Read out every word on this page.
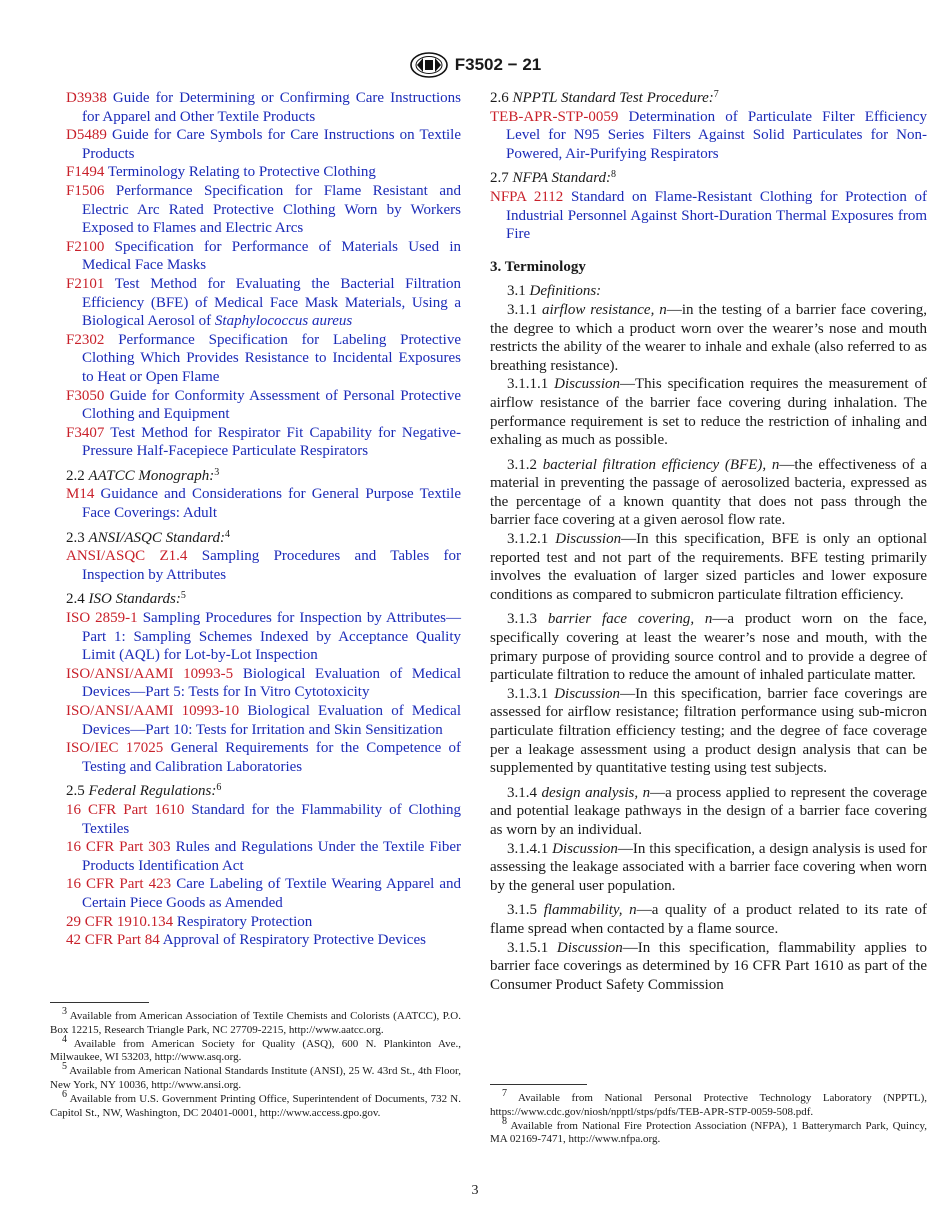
F3502 − 21

D3938 Guide for Determining or Confirming Care Instructions for Apparel and Other Textile Products

D5489 Guide for Care Symbols for Care Instructions on Textile Products

F1494 Terminology Relating to Protective Clothing

F1506 Performance Specification for Flame Resistant and Electric Arc Rated Protective Clothing Worn by Workers Exposed to Flames and Electric Arcs

F2100 Specification for Performance of Materials Used in Medical Face Masks

F2101 Test Method for Evaluating the Bacterial Filtration Efficiency (BFE) of Medical Face Mask Materials, Using a Biological Aerosol of Staphylococcus aureus

F2302 Performance Specification for Labeling Protective Clothing Which Provides Resistance to Incidental Exposures to Heat or Open Flame

F3050 Guide for Conformity Assessment of Personal Protective Clothing and Equipment

F3407 Test Method for Respirator Fit Capability for Negative-Pressure Half-Facepiece Particulate Respirators

2.2 AATCC Monograph:$^3$

M14 Guidance and Considerations for General Purpose Textile Face Coverings: Adult

2.3 ANSI/ASQC Standard:$^4$

ANSI/ASQC Z1.4 Sampling Procedures and Tables for Inspection by Attributes

2.4 ISO Standards:$^5$

ISO 2859-1 Sampling Procedures for Inspection by Attributes—Part 1: Sampling Schemes Indexed by Acceptance Quality Limit (AQL) for Lot-by-Lot Inspection

ISO/ANSI/AAMI 10993-5 Biological Evaluation of Medical Devices—Part 5: Tests for In Vitro Cytotoxicity

ISO/ANSI/AAMI 10993-10 Biological Evaluation of Medical Devices—Part 10: Tests for Irritation and Skin Sensitization

ISO/IEC 17025 General Requirements for the Competence of Testing and Calibration Laboratories

2.5 Federal Regulations:$^6$

16 CFR Part 1610 Standard for the Flammability of Clothing Textiles

16 CFR Part 303 Rules and Regulations Under the Textile Fiber Products Identification Act

16 CFR Part 423 Care Labeling of Textile Wearing Apparel and Certain Piece Goods as Amended

29 CFR 1910.134 Respiratory Protection

42 CFR Part 84 Approval of Respiratory Protective Devices

2.6 NPPTL Standard Test Procedure:$^7$

TEB-APR-STP-0059 Determination of Particulate Filter Efficiency Level for N95 Series Filters Against Solid Particulates for Non-Powered, Air-Purifying Respirators

2.7 NFPA Standard:$^8$

NFPA 2112 Standard on Flame-Resistant Clothing for Protection of Industrial Personnel Against Short-Duration Thermal Exposures from Fire

3. Terminology

3.1 Definitions:

3.1.1 airflow resistance, n—in the testing of a barrier face covering, the degree to which a product worn over the wearer’s nose and mouth restricts the ability of the wearer to inhale and exhale (also referred to as breathing resistance).

3.1.1.1 Discussion—This specification requires the measurement of airflow resistance of the barrier face covering during inhalation. The performance requirement is set to reduce the restriction of inhaling and exhaling as much as possible.

3.1.2 bacterial filtration efficiency (BFE), n—the effectiveness of a material in preventing the passage of aerosolized bacteria, expressed as the percentage of a known quantity that does not pass through the barrier face covering at a given aerosol flow rate.

3.1.2.1 Discussion—In this specification, BFE is only an optional reported test and not part of the requirements. BFE testing primarily involves the evaluation of larger sized particles and lower exposure conditions as compared to submicron particulate filtration efficiency.

3.1.3 barrier face covering, n—a product worn on the face, specifically covering at least the wearer’s nose and mouth, with the primary purpose of providing source control and to provide a degree of particulate filtration to reduce the amount of inhaled particulate matter.

3.1.3.1 Discussion—In this specification, barrier face coverings are assessed for airflow resistance; filtration performance using sub-micron particulate filtration efficiency testing; and the degree of face coverage per a leakage assessment using a product design analysis that can be supplemented by quantitative testing using test subjects.

3.1.4 design analysis, n—a process applied to represent the coverage and potential leakage pathways in the design of a barrier face covering as worn by an individual.

3.1.4.1 Discussion—In this specification, a design analysis is used for assessing the leakage associated with a barrier face covering when worn by the general user population.

3.1.5 flammability, n—a quality of a product related to its rate of flame spread when contacted by a flame source.

3.1.5.1 Discussion—In this specification, flammability applies to barrier face coverings as determined by 16 CFR Part 1610 as part of the Consumer Product Safety Commission

$^3$ Available from American Association of Textile Chemists and Colorists (AATCC), P.O. Box 12215, Research Triangle Park, NC 27709-2215, http://www.aatcc.org.

$^4$ Available from American Society for Quality (ASQ), 600 N. Plankinton Ave., Milwaukee, WI 53203, http://www.asq.org.

$^5$ Available from American National Standards Institute (ANSI), 25 W. 43rd St., 4th Floor, New York, NY 10036, http://www.ansi.org.

$^6$ Available from U.S. Government Printing Office, Superintendent of Documents, 732 N. Capitol St., NW, Washington, DC 20401-0001, http://www.access.gpo.gov.

$^7$ Available from National Personal Protective Technology Laboratory (NPPTL), https://www.cdc.gov/niosh/npptl/stps/pdfs/TEB-APR-STP-0059-508.pdf.

$^8$ Available from National Fire Protection Association (NFPA), 1 Batterymarch Park, Quincy, MA 02169-7471, http://www.nfpa.org.

3
